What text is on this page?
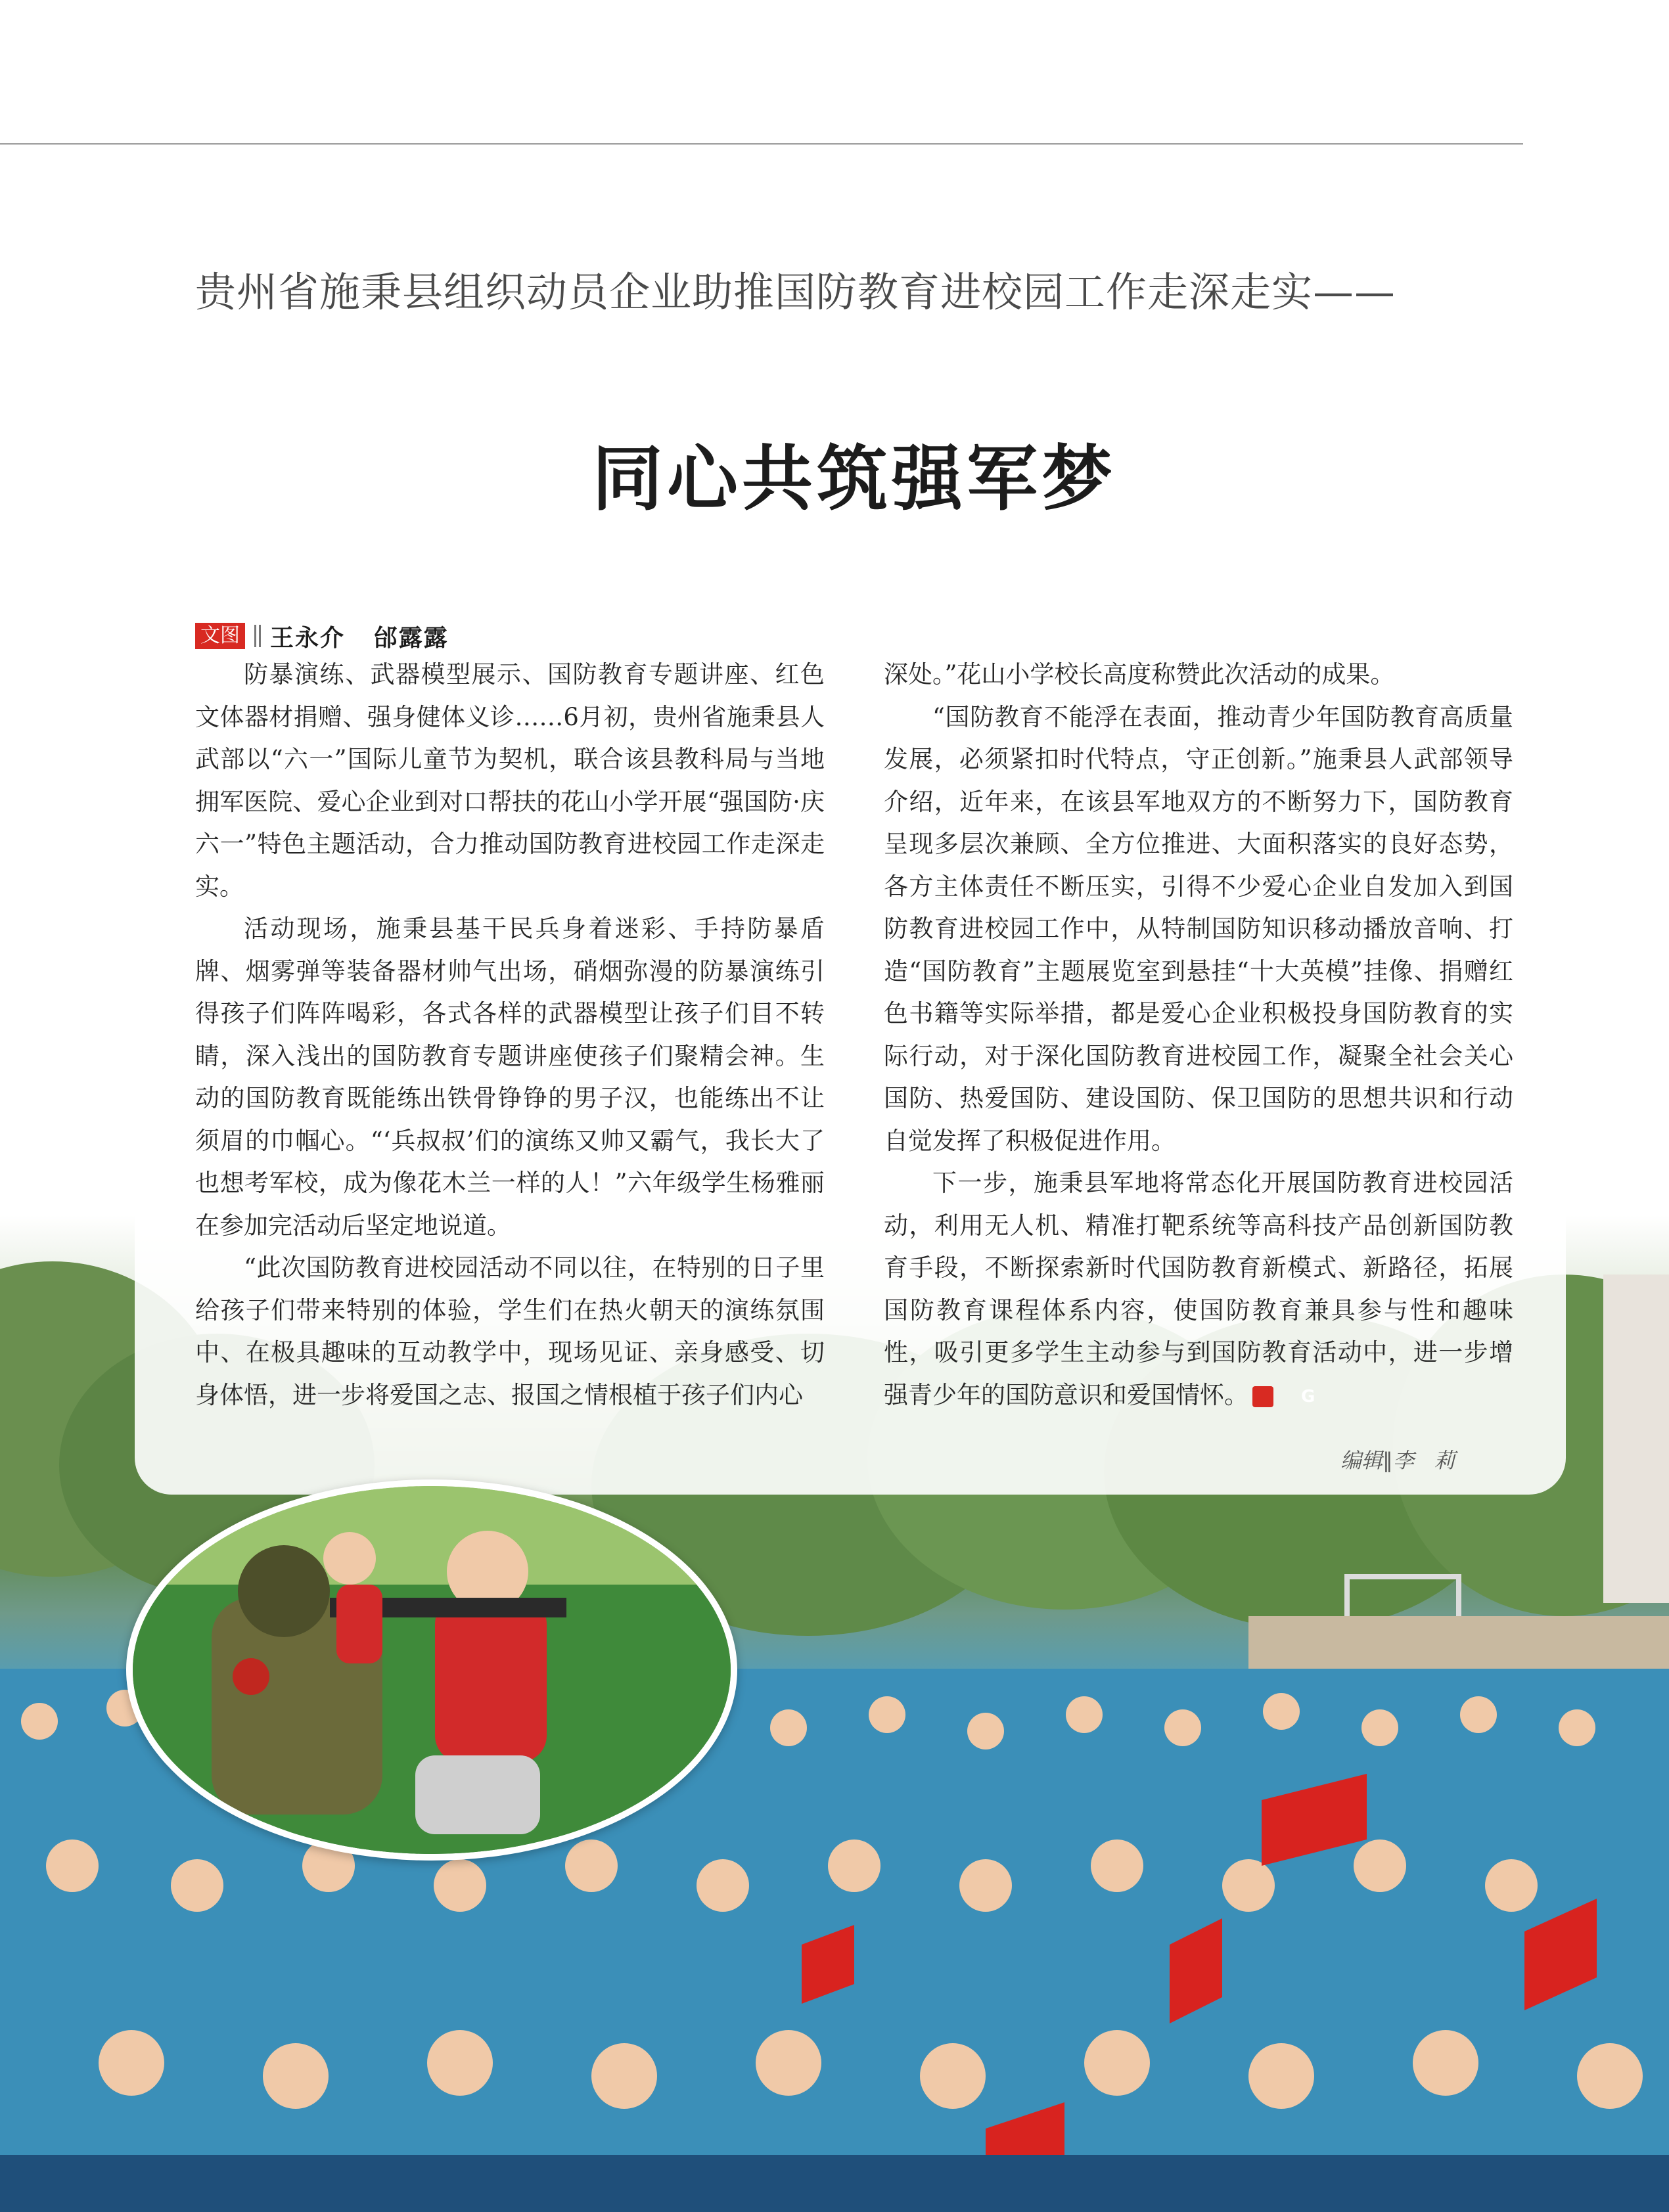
贵州省施秉县组织动员企业助推国防教育进校园工作走深走实——
同心共筑强军梦
文图 王永介   邰露露

防暴演练、武器模型展示、国防教育专题讲座、红色文体器材捐赠、强身健体义诊……6月初，贵州省施秉县人武部以“六一”国际儿童节为契机，联合该县教科局与当地拥军医院、爱心企业到对口帮扶的花山小学开展“强国防·庆六一”特色主题活动，合力推动国防教育进校园工作走深走实。

活动现场，施秉县基干民兵身着迷彩、手持防暴盾牌、烟雾弹等装备器材帅气出场，硝烟弥漫的防暴演练引得孩子们阵阵喝彩，各式各样的武器模型让孩子们目不转睛，深入浅出的国防教育专题讲座使孩子们聚精会神。生动的国防教育既能练出铁骨铮铮的男子汉，也能练出不让须眉的巾帼心。“‘兵叔叔’们的演练又帅又霸气，我长大了也想考军校，成为像花木兰一样的人！”六年级学生杨雅丽在参加完活动后坚定地说道。

“此次国防教育进校园活动不同以往，在特别的日子里给孩子们带来特别的体验，学生们在热火朝天的演练氛围中、在极具趣味的互动教学中，现场见证、亲身感受、切身体悟，进一步将爱国之志、报国之情根植于孩子们内心

深处。”花山小学校长高度称赞此次活动的成果。

“国防教育不能浮在表面，推动青少年国防教育高质量发展，必须紧扣时代特点，守正创新。”施秉县人武部领导介绍，近年来，在该县军地双方的不断努力下，国防教育呈现多层次兼顾、全方位推进、大面积落实的良好态势，各方主体责任不断压实，引得不少爱心企业自发加入到国防教育进校园工作中，从特制国防知识移动播放音响、打造“国防教育”主题展览室到悬挂“十大英模”挂像、捐赠红色书籍等实际举措，都是爱心企业积极投身国防教育的实际行动，对于深化国防教育进校园工作，凝聚全社会关心国防、热爱国防、建设国防、保卫国防的思想共识和行动自觉发挥了积极促进作用。

下一步，施秉县军地将常态化开展国防教育进校园活动，利用无人机、精准打靶系统等高科技产品创新国防教育手段，不断探索新时代国防教育新模式、新路径，拓展国防教育课程体系内容，使国防教育兼具参与性和趣味性，吸引更多学生主动参与到国防教育活动中，进一步增强青少年的国防意识和爱国情怀。	G

编辑∥李   莉
